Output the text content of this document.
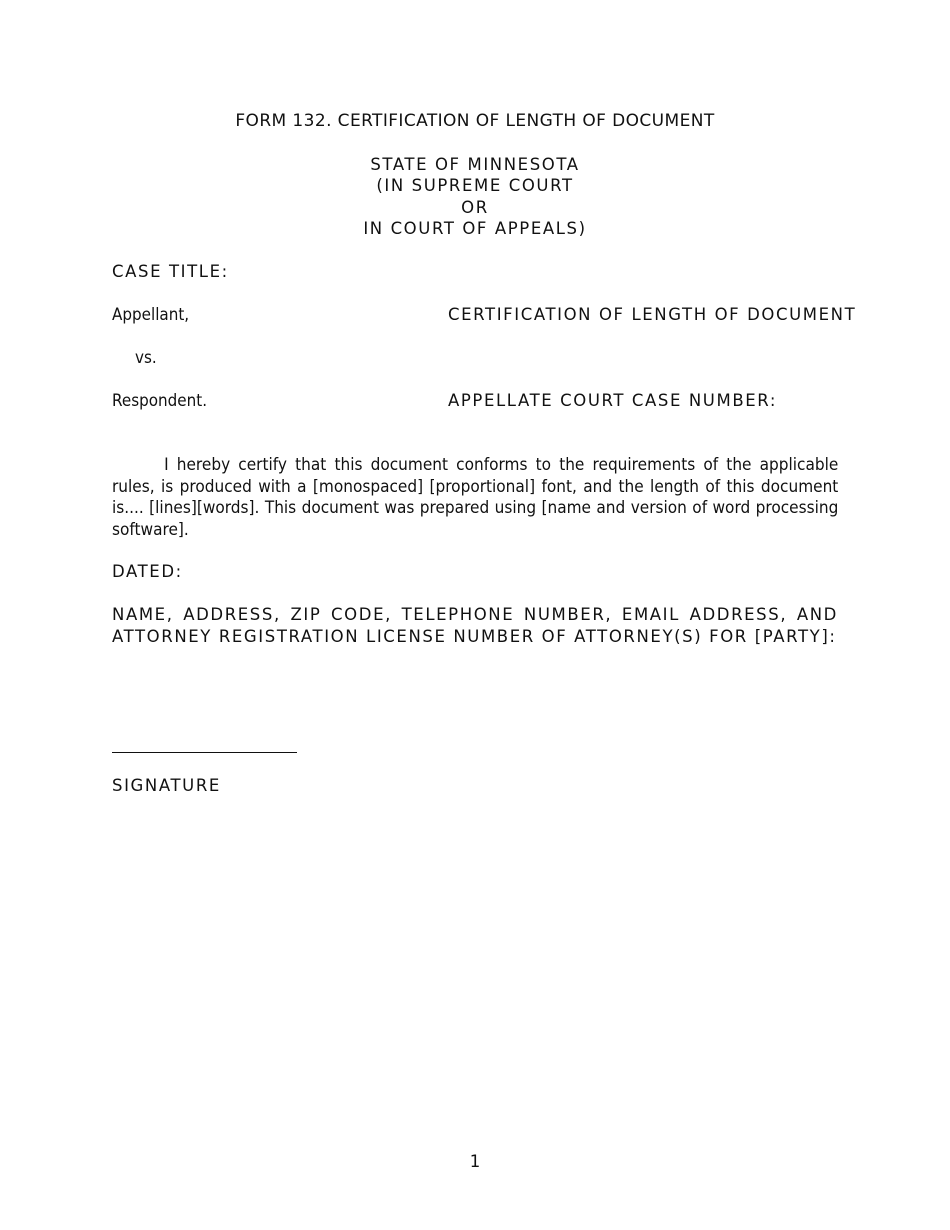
FORM 132. CERTIFICATION OF LENGTH OF DOCUMENT
STATE OF MINNESOTA
(IN SUPREME COURT
OR
IN COURT OF APPEALS)
CASE TITLE:
Appellant,	CERTIFICATION OF LENGTH OF DOCUMENT
vs.
Respondent.	APPELLATE COURT CASE NUMBER:
I hereby certify that this document conforms to the requirements of the applicable rules, is produced with a [monospaced] [proportional] font, and the length of this document is.... [lines][words]. This document was prepared using [name and version of word processing software].
DATED:
NAME, ADDRESS, ZIP CODE, TELEPHONE NUMBER, EMAIL ADDRESS, AND ATTORNEY REGISTRATION LICENSE NUMBER OF ATTORNEY(S) FOR [PARTY]:
SIGNATURE
1
